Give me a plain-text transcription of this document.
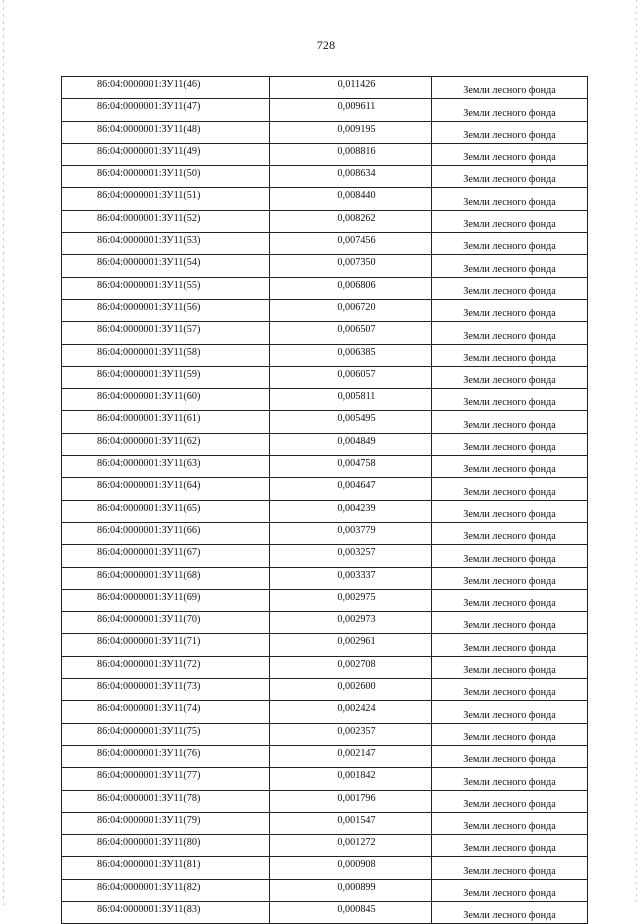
728
86:04:0000001:ЗУ11(46)	0,011426	Земли лесного фонда
86:04:0000001:ЗУ11(47)	0,009611	Земли лесного фонда
86:04:0000001:ЗУ11(48)	0,009195	Земли лесного фонда
86:04:0000001:ЗУ11(49)	0,008816	Земли лесного фонда
86:04:0000001:ЗУ11(50)	0,008634	Земли лесного фонда
86:04:0000001:ЗУ11(51)	0,008440	Земли лесного фонда
86:04:0000001:ЗУ11(52)	0,008262	Земли лесного фонда
86:04:0000001:ЗУ11(53)	0,007456	Земли лесного фонда
86:04:0000001:ЗУ11(54)	0,007350	Земли лесного фонда
86:04:0000001:ЗУ11(55)	0,006806	Земли лесного фонда
86:04:0000001:ЗУ11(56)	0,006720	Земли лесного фонда
86:04:0000001:ЗУ11(57)	0,006507	Земли лесного фонда
86:04:0000001:ЗУ11(58)	0,006385	Земли лесного фонда
86:04:0000001:ЗУ11(59)	0,006057	Земли лесного фонда
86:04:0000001:ЗУ11(60)	0,005811	Земли лесного фонда
86:04:0000001:ЗУ11(61)	0,005495	Земли лесного фонда
86:04:0000001:ЗУ11(62)	0,004849	Земли лесного фонда
86:04:0000001:ЗУ11(63)	0,004758	Земли лесного фонда
86:04:0000001:ЗУ11(64)	0,004647	Земли лесного фонда
86:04:0000001:ЗУ11(65)	0,004239	Земли лесного фонда
86:04:0000001:ЗУ11(66)	0,003779	Земли лесного фонда
86:04:0000001:ЗУ11(67)	0,003257	Земли лесного фонда
86:04:0000001:ЗУ11(68)	0,003337	Земли лесного фонда
86:04:0000001:ЗУ11(69)	0,002975	Земли лесного фонда
86:04:0000001:ЗУ11(70)	0,002973	Земли лесного фонда
86:04:0000001:ЗУ11(71)	0,002961	Земли лесного фонда
86:04:0000001:ЗУ11(72)	0,002708	Земли лесного фонда
86:04:0000001:ЗУ11(73)	0,002600	Земли лесного фонда
86:04:0000001:ЗУ11(74)	0,002424	Земли лесного фонда
86:04:0000001:ЗУ11(75)	0,002357	Земли лесного фонда
86:04:0000001:ЗУ11(76)	0,002147	Земли лесного фонда
86:04:0000001:ЗУ11(77)	0,001842	Земли лесного фонда
86:04:0000001:ЗУ11(78)	0,001796	Земли лесного фонда
86:04:0000001:ЗУ11(79)	0,001547	Земли лесного фонда
86:04:0000001:ЗУ11(80)	0,001272	Земли лесного фонда
86:04:0000001:ЗУ11(81)	0,000908	Земли лесного фонда
86:04:0000001:ЗУ11(82)	0,000899	Земли лесного фонда
86:04:0000001:ЗУ11(83)	0,000845	Земли лесного фонда
